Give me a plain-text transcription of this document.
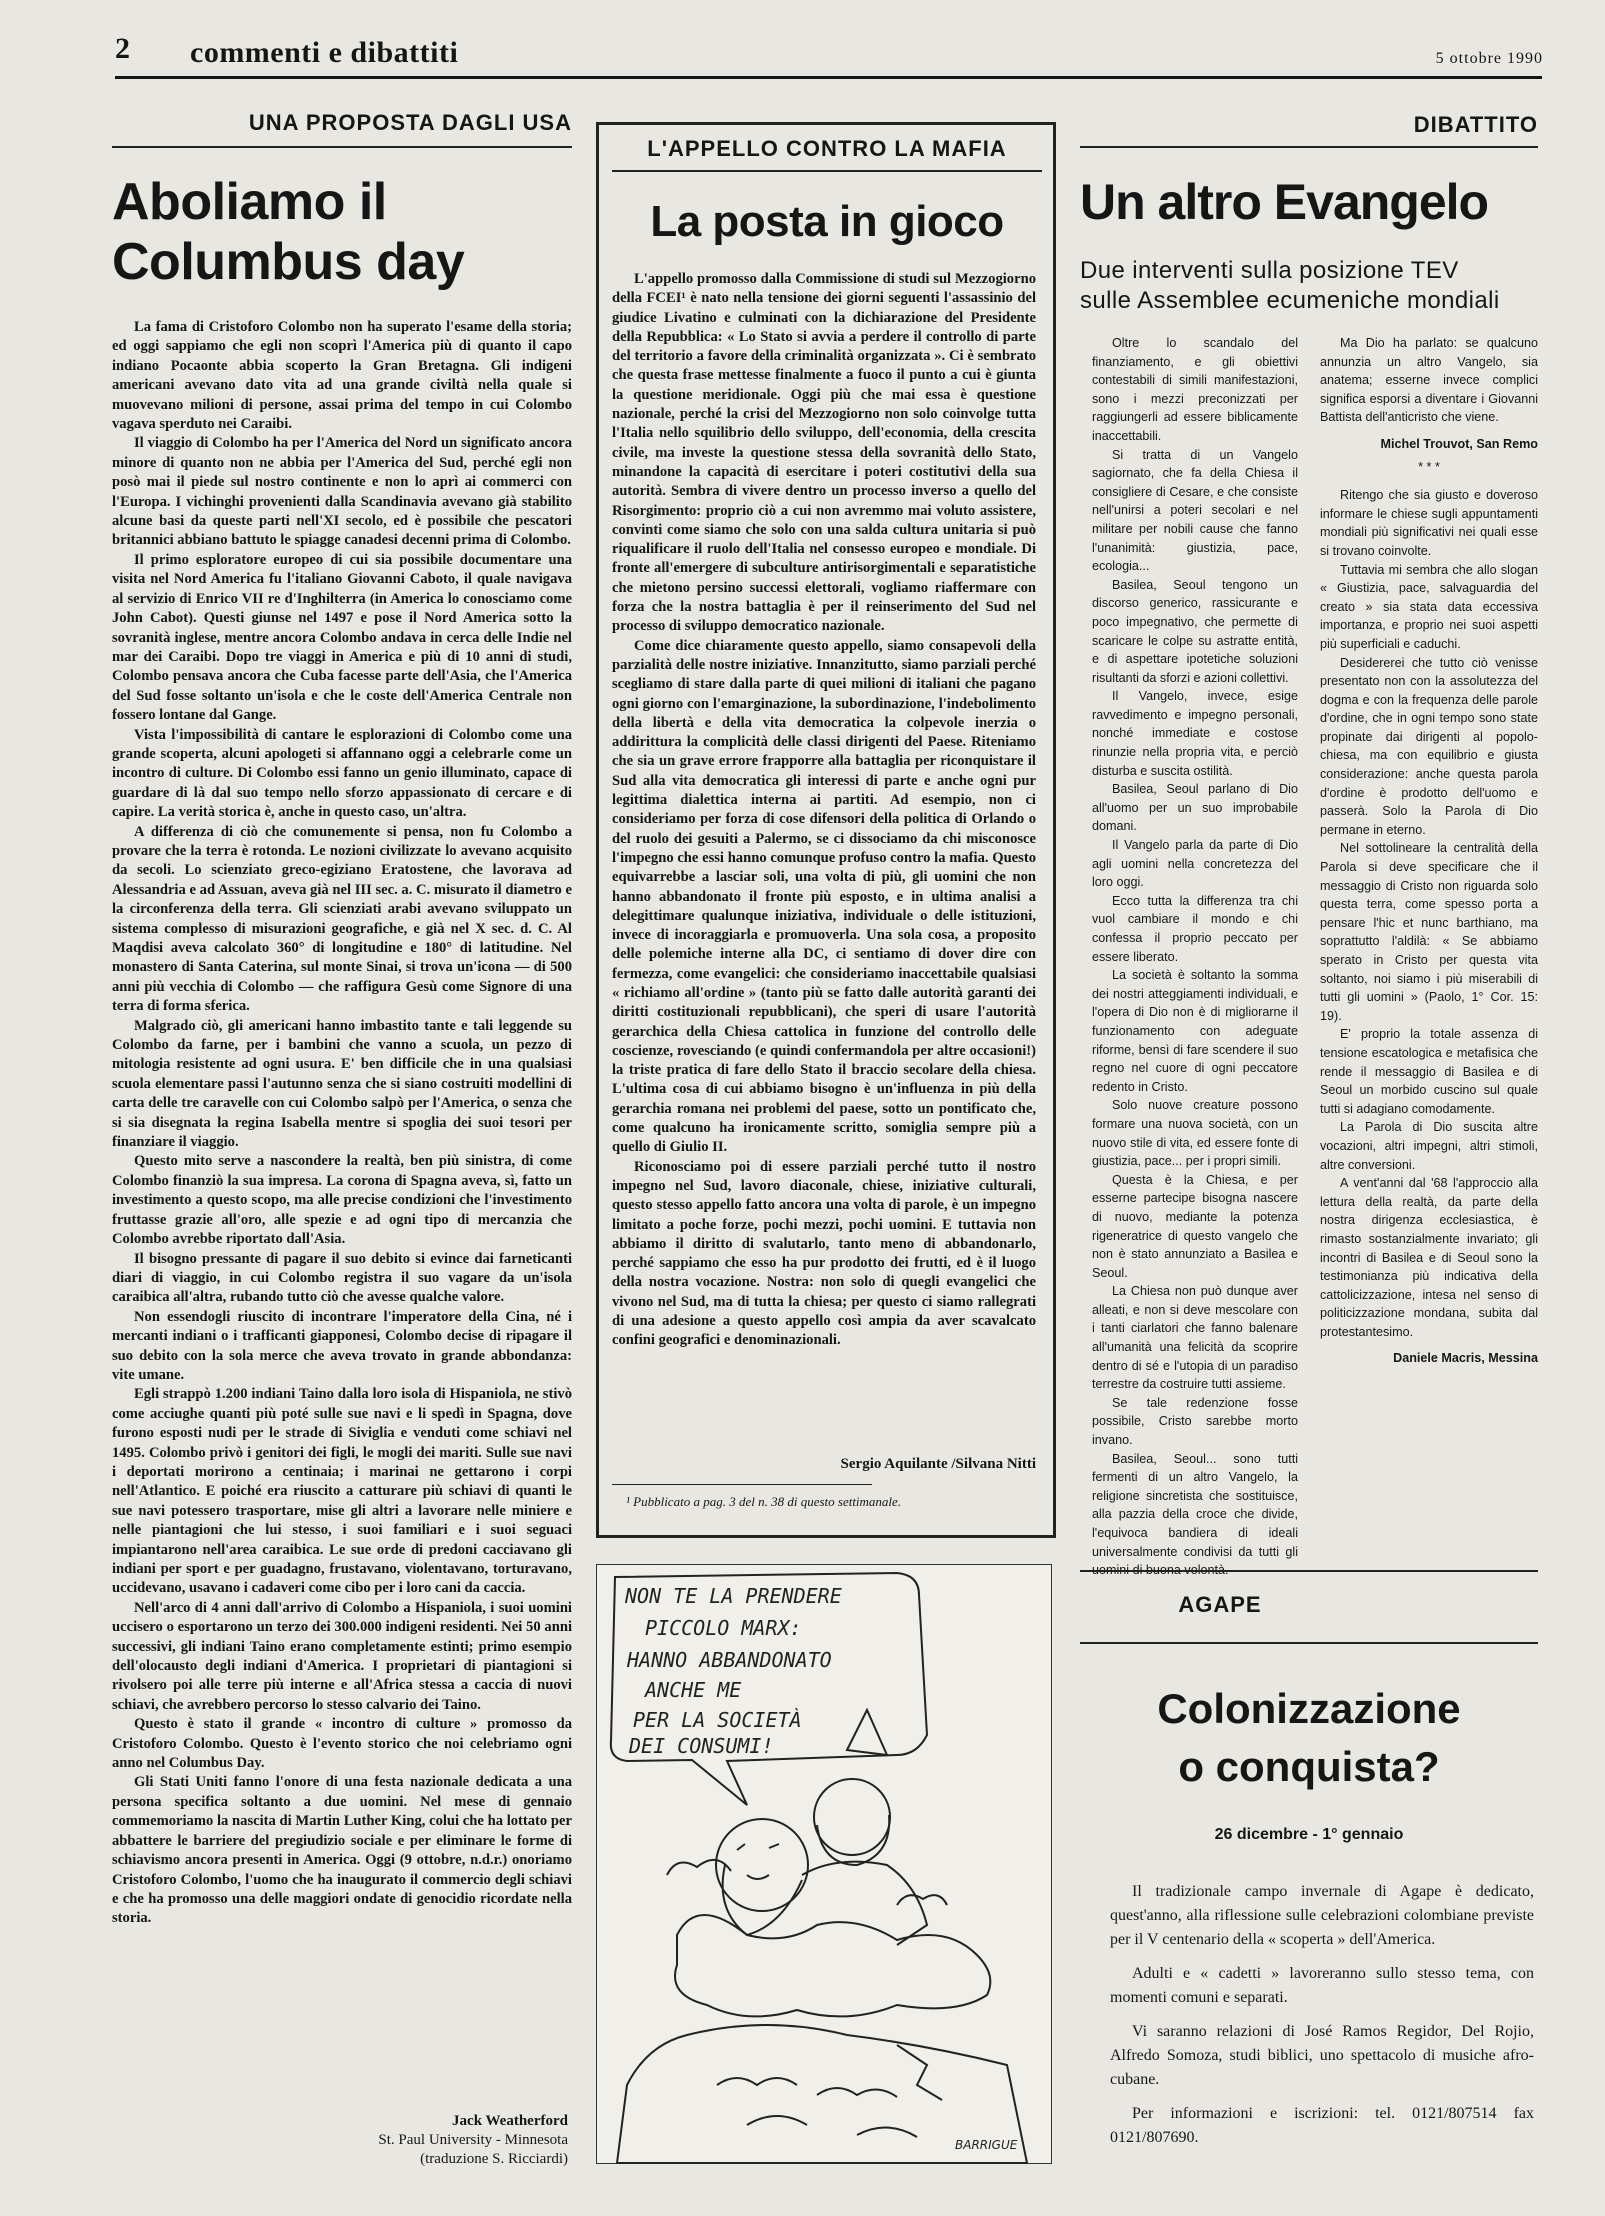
2 commenti e dibattiti	5 ottobre 1990
UNA PROPOSTA DAGLI USA
Aboliamo il
Columbus day

La fama di Cristoforo Colombo non ha superato l'esame della storia; ed oggi sappiamo che egli non scoprì l'America più di quanto il capo indiano Pocaonte abbia scoperto la Gran Bretagna. Gli indigeni americani avevano dato vita ad una grande civiltà nella quale si muovevano milioni di persone, assai prima del tempo in cui Colombo vagava sperduto nei Caraibi.

Il viaggio di Colombo ha per l'America del Nord un significato ancora minore di quanto non ne abbia per l'America del Sud, perché egli non posò mai il piede sul nostro continente e non lo aprì ai commerci con l'Europa. I vichinghi provenienti dalla Scandinavia avevano già stabilito alcune basi da queste parti nell'XI secolo, ed è possibile che pescatori britannici abbiano battuto le spiagge canadesi decenni prima di Colombo.

Il primo esploratore europeo di cui sia possibile documentare una visita nel Nord America fu l'italiano Giovanni Caboto, il quale navigava al servizio di Enrico VII re d'Inghilterra (in America lo conosciamo come John Cabot). Questi giunse nel 1497 e pose il Nord America sotto la sovranità inglese, mentre ancora Colombo andava in cerca delle Indie nel mar dei Caraibi. Dopo tre viaggi in America e più di 10 anni di studi, Colombo pensava ancora che Cuba facesse parte dell'Asia, che l'America del Sud fosse soltanto un'isola e che le coste dell'America Centrale non fossero lontane dal Gange.

Vista l'impossibilità di cantare le esplorazioni di Colombo come una grande scoperta, alcuni apologeti si affannano oggi a celebrarle come un incontro di culture. Di Colombo essi fanno un genio illuminato, capace di guardare di là dal suo tempo nello sforzo appassionato di cercare e di capire. La verità storica è, anche in questo caso, un'altra.

A differenza di ciò che comunemente si pensa, non fu Colombo a provare che la terra è rotonda. Le nozioni civilizzate lo avevano acquisito da secoli. Lo scienziato greco-egiziano Eratostene, che lavorava ad Alessandria e ad Assuan, aveva già nel III sec. a. C. misurato il diametro e la circonferenza della terra. Gli scienziati arabi avevano sviluppato un sistema complesso di misurazioni geografiche, e già nel X sec. d. C. Al Maqdisi aveva calcolato 360° di longitudine e 180° di latitudine. Nel monastero di Santa Caterina, sul monte Sinai, si trova un'icona — di 500 anni più vecchia di Colombo — che raffigura Gesù come Signore di una terra di forma sferica.

Malgrado ciò, gli americani hanno imbastito tante e tali leggende su Colombo da farne, per i bambini che vanno a scuola, un pezzo di mitologia resistente ad ogni usura. E' ben difficile che in una qualsiasi scuola elementare passi l'autunno senza che si siano costruiti modellini di carta delle tre caravelle con cui Colombo salpò per l'America, o senza che si sia disegnata la regina Isabella mentre si spoglia dei suoi tesori per finanziare il viaggio.

Questo mito serve a nascondere la realtà, ben più sinistra, di come Colombo finanziò la sua impresa. La corona di Spagna aveva, sì, fatto un investimento a questo scopo, ma alle precise condizioni che l'investimento fruttasse grazie all'oro, alle spezie e ad ogni tipo di mercanzia che Colombo avrebbe riportato dall'Asia.

Il bisogno pressante di pagare il suo debito si evince dai farneticanti diari di viaggio, in cui Colombo registra il suo vagare da un'isola caraibica all'altra, rubando tutto ciò che avesse qualche valore.

Non essendogli riuscito di incontrare l'imperatore della Cina, né i mercanti indiani o i trafficanti giapponesi, Colombo decise di ripagare il suo debito con la sola merce che aveva trovato in grande abbondanza: vite umane.

Egli strappò 1.200 indiani Taino dalla loro isola di Hispaniola, ne stivò come acciughe quanti più poté sulle sue navi e li spedì in Spagna, dove furono esposti nudi per le strade di Siviglia e venduti come schiavi nel 1495. Colombo privò i genitori dei figli, le mogli dei mariti. Sulle sue navi i deportati morirono a centinaia; i marinai ne gettarono i corpi nell'Atlantico. E poiché era riuscito a catturare più schiavi di quanti le sue navi potessero trasportare, mise gli altri a lavorare nelle miniere e nelle piantagioni che lui stesso, i suoi familiari e i suoi seguaci impiantarono nell'area caraibica. Le sue orde di predoni cacciavano gli indiani per sport e per guadagno, frustavano, violentavano, torturavano, uccidevano, usavano i cadaveri come cibo per i loro cani da caccia.

Nell'arco di 4 anni dall'arrivo di Colombo a Hispaniola, i suoi uomini uccisero o esportarono un terzo dei 300.000 indigeni residenti. Nei 50 anni successivi, gli indiani Taino erano completamente estinti; primo esempio dell'olocausto degli indiani d'America. I proprietari di piantagioni si rivolsero poi alle terre più interne e all'Africa stessa a caccia di nuovi schiavi, che avrebbero percorso lo stesso calvario dei Taino.

Questo è stato il grande « incontro di culture » promosso da Cristoforo Colombo. Questo è l'evento storico che noi celebriamo ogni anno nel Columbus Day.

Gli Stati Uniti fanno l'onore di una festa nazionale dedicata a una persona specifica soltanto a due uomini. Nel mese di gennaio commemoriamo la nascita di Martin Luther King, colui che ha lottato per abbattere le barriere del pregiudizio sociale e per eliminare le forme di schiavismo ancora presenti in America. Oggi (9 ottobre, n.d.r.) onoriamo Cristoforo Colombo, l'uomo che ha inaugurato il commercio degli schiavi e che ha promosso una delle maggiori ondate di genocidio ricordate nella storia.

Jack Weatherford
St. Paul University - Minnesota
(traduzione S. Ricciardi)
L'APPELLO CONTRO LA MAFIA
La posta in gioco

L'appello promosso dalla Commissione di studi sul Mezzogiorno della FCEI¹ è nato nella tensione dei giorni seguenti l'assassinio del giudice Livatino e culminati con la dichiarazione del Presidente della Repubblica: « Lo Stato si avvia a perdere il controllo di parte del territorio a favore della criminalità organizzata ». Ci è sembrato che questa frase mettesse finalmente a fuoco il punto a cui è giunta la questione meridionale. Oggi più che mai essa è questione nazionale, perché la crisi del Mezzogiorno non solo coinvolge tutta l'Italia nello squilibrio dello sviluppo, dell'economia, della crescita civile, ma investe la questione stessa della sovranità dello Stato, minandone la capacità di esercitare i poteri costitutivi della sua autorità. Sembra di vivere dentro un processo inverso a quello del Risorgimento: proprio ciò a cui non avremmo mai voluto assistere, convinti come siamo che solo con una salda cultura unitaria si può riqualificare il ruolo dell'Italia nel consesso europeo e mondiale. Di fronte all'emergere di subculture antirisorgimentali e separatistiche che mietono persino successi elettorali, vogliamo riaffermare con forza che la nostra battaglia è per il reinserimento del Sud nel processo di sviluppo democratico nazionale.

Come dice chiaramente questo appello, siamo consapevoli della parzialità delle nostre iniziative. Innanzitutto, siamo parziali perché scegliamo di stare dalla parte di quei milioni di italiani che pagano ogni giorno con l'emarginazione, la subordinazione, l'indebolimento della libertà e della vita democratica la colpevole inerzia o addirittura la complicità delle classi dirigenti del Paese. Riteniamo che sia un grave errore frapporre alla battaglia per riconquistare il Sud alla vita democratica gli interessi di parte e anche ogni pur legittima dialettica interna ai partiti. Ad esempio, non ci consideriamo per forza di cose difensori della politica di Orlando o del ruolo dei gesuiti a Palermo, se ci dissociamo da chi misconosce l'impegno che essi hanno comunque profuso contro la mafia. Questo equivarrebbe a lasciar soli, una volta di più, gli uomini che non hanno abbandonato il fronte più esposto, e in ultima analisi a delegittimare qualunque iniziativa, individuale o delle istituzioni, invece di incoraggiarla e promuoverla. Una sola cosa, a proposito delle polemiche interne alla DC, ci sentiamo di dover dire con fermezza, come evangelici: che consideriamo inaccettabile qualsiasi « richiamo all'ordine » (tanto più se fatto dalle autorità garanti dei diritti costituzionali repubblicani), che speri di usare l'autorità gerarchica della Chiesa cattolica in funzione del controllo delle coscienze, rovesciando (e quindi confermandola per altre occasioni!) la triste pratica di fare dello Stato il braccio secolare della chiesa. L'ultima cosa di cui abbiamo bisogno è un'influenza in più della gerarchia romana nei problemi del paese, sotto un pontificato che, come qualcuno ha ironicamente scritto, somiglia sempre più a quello di Giulio II.

Riconosciamo poi di essere parziali perché tutto il nostro impegno nel Sud, lavoro diaconale, chiese, iniziative culturali, questo stesso appello fatto ancora una volta di parole, è un impegno limitato a poche forze, pochi mezzi, pochi uomini. E tuttavia non abbiamo il diritto di svalutarlo, tanto meno di abbandonarlo, perché sappiamo che esso ha pur prodotto dei frutti, ed è il luogo della nostra vocazione. Nostra: non solo di quegli evangelici che vivono nel Sud, ma di tutta la chiesa; per questo ci siamo rallegrati di una adesione a questo appello così ampia da aver scavalcato confini geografici e denominazionali.

Sergio Aquilante /Silvana Nitti
¹ Pubblicato a pag. 3 del n. 38 di questo settimanale.
NON TE LA PRENDERE
PICCOLO MARX:
HANNO ABBANDONATO
ANCHE ME
PER LA SOCIETÀ
DEI CONSUMI!
BARRIGUE
DIBATTITO
Un altro Evangelo
Due interventi sulla posizione TEV
sulle Assemblee ecumeniche mondiali

Oltre lo scandalo del finanziamento, e gli obiettivi contestabili di simili manifestazioni, sono i mezzi preconizzati per raggiungerli ad essere biblicamente inaccettabili.

Si tratta di un Vangelo sagiornato, che fa della Chiesa il consigliere di Cesare, e che consiste nell'unirsi a poteri secolari e nel militare per nobili cause che fanno l'unanimità: giustizia, pace, ecologia...

Basilea, Seoul tengono un discorso generico, rassicurante e poco impegnativo, che permette di scaricare le colpe su astratte entità, e di aspettare ipotetiche soluzioni risultanti da sforzi e azioni collettivi.

Il Vangelo, invece, esige ravvedimento e impegno personali, nonché immediate e costose rinunzie nella propria vita, e perciò disturba e suscita ostilità.

Basilea, Seoul parlano di Dio all'uomo per un suo improbabile domani.

Il Vangelo parla da parte di Dio agli uomini nella concretezza del loro oggi.

Ecco tutta la differenza tra chi vuol cambiare il mondo e chi confessa il proprio peccato per essere liberato.

La società è soltanto la somma dei nostri atteggiamenti individuali, e l'opera di Dio non è di migliorarne il funzionamento con adeguate riforme, bensì di fare scendere il suo regno nel cuore di ogni peccatore redento in Cristo.

Solo nuove creature possono formare una nuova società, con un nuovo stile di vita, ed essere fonte di giustizia, pace... per i propri simili.

Questa è la Chiesa, e per esserne partecipe bisogna nascere di nuovo, mediante la potenza rigeneratrice di questo vangelo che non è stato annunziato a Basilea e Seoul.

La Chiesa non può dunque aver alleati, e non si deve mescolare con i tanti ciarlatori che fanno balenare all'umanità una felicità da scoprire dentro di sé e l'utopia di un paradiso terrestre da costruire tutti assieme.

Se tale redenzione fosse possibile, Cristo sarebbe morto invano.

Basilea, Seoul... sono tutti fermenti di un altro Vangelo, la religione sincretista che sostituisce, alla pazzia della croce che divide, l'equivoca bandiera di ideali universalmente condivisi da tutti gli

Ma Dio ha parlato: se qualcuno annunzia un altro Vangelo, sia anatema; esserne invece complici significa esporsi a diventare i Giovanni Battista dell'anticristo che viene.

Michel Trouvot, San Remo
* * *

Ritengo che sia giusto e doveroso informare le chiese sugli appuntamenti mondiali più significativi nei quali esse si trovano coinvolte.

Tuttavia mi sembra che allo slogan « Giustizia, pace, salvaguardia del creato » sia stata data eccessiva importanza, e proprio nei suoi aspetti più superficiali e caduchi.

Desidererei che tutto ciò venisse presentato non con la assolutezza del dogma e con la frequenza delle parole d'ordine, che in ogni tempo sono state propinate dai dirigenti al popolo-chiesa, ma con equilibrio e giusta considerazione: anche questa parola d'ordine è prodotto dell'uomo e passerà. Solo la Parola di Dio permane in eterno.

Nel sottolineare la centralità della Parola si deve specificare che il messaggio di Cristo non riguarda solo questa terra, come spesso porta a pensare l'hic et nunc barthiano, ma soprattutto l'aldilà: « Se abbiamo sperato in Cristo per questa vita soltanto, noi siamo i più miserabili di tutti gli uomini » (Paolo, 1° Cor. 15: 19).

E' proprio la totale assenza di tensione escatologica e metafisica che rende il messaggio di Basilea e di Seoul un morbido cuscino sul quale tutti si adagiano comodamente.

La Parola di Dio suscita altre vocazioni, altri impegni, altri stimoli, altre conversioni.

A vent'anni dal '68 l'approccio alla lettura della realtà, da parte della nostra dirigenza ecclesiastica, è rimasto sostanzialmente invariato; gli incontri di Basilea e di Seoul sono la testimonianza più indicativa della cattolicizzazione, intesa nel senso di politicizzazione mondana, subita dal protestantesimo.

Daniele Macris, Messina
AGAPE
Colonizzazione
o conquista?
26 dicembre - 1° gennaio

Il tradizionale campo invernale di Agape è dedicato, quest'anno, alla riflessione sulle celebrazioni colombiane previste per il V centenario della « scoperta » dell'America.

Adulti e « cadetti » lavoreranno sullo stesso tema, con momenti comuni e separati.

Vi saranno relazioni di José Ramos Regidor, Del Rojio, Alfredo Somoza, studi biblici, uno spettacolo di musiche afro-cubane.

Per informazioni e iscrizioni: tel. 0121/807514 fax 0121/807690.
